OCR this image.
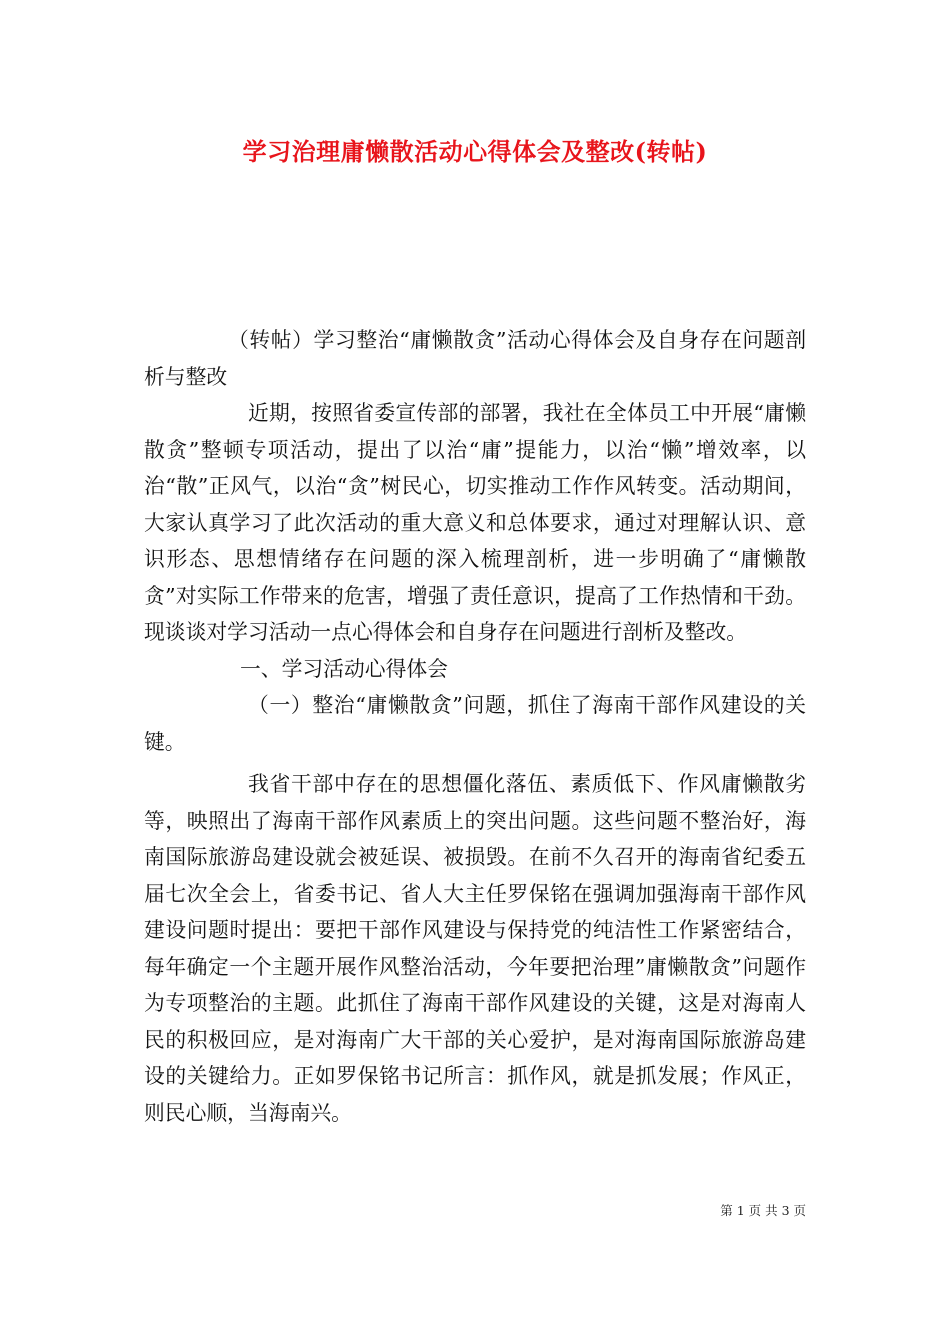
学习治理庸懒散活动心得体会及整改(转帖)

（转帖）学习整治“庸懒散贪”活动心得体会及自身存在问题剖析与整改

近期，按照省委宣传部的部署，我社在全体员工中开展“庸懒散贪”整顿专项活动，提出了以治“庸”提能力，以治“懒”增效率，以治“散”正风气，以治“贪”树民心，切实推动工作作风转变。活动期间，大家认真学习了此次活动的重大意义和总体要求，通过对理解认识、意识形态、思想情绪存在问题的深入梳理剖析，进一步明确了“庸懒散贪”对实际工作带来的危害，增强了责任意识，提高了工作热情和干劲。现谈谈对学习活动一点心得体会和自身存在问题进行剖析及整改。

一、学习活动心得体会

（一）整治“庸懒散贪”问题，抓住了海南干部作风建设的关键。

我省干部中存在的思想僵化落伍、素质低下、作风庸懒散劣等，映照出了海南干部作风素质上的突出问题。这些问题不整治好，海南国际旅游岛建设就会被延误、被损毁。在前不久召开的海南省纪委五届七次全会上，省委书记、省人大主任罗保铭在强调加强海南干部作风建设问题时提出：要把干部作风建设与保持党的纯洁性工作紧密结合，每年确定一个主题开展作风整治活动，今年要把治理”庸懒散贪”问题作为专项整治的主题。此抓住了海南干部作风建设的关键，这是对海南人民的积极回应，是对海南广大干部的关心爱护，是对海南国际旅游岛建设的关键给力。正如罗保铭书记所言：抓作风，就是抓发展；作风正，则民心顺，当海南兴。

第 1 页 共 3 页
